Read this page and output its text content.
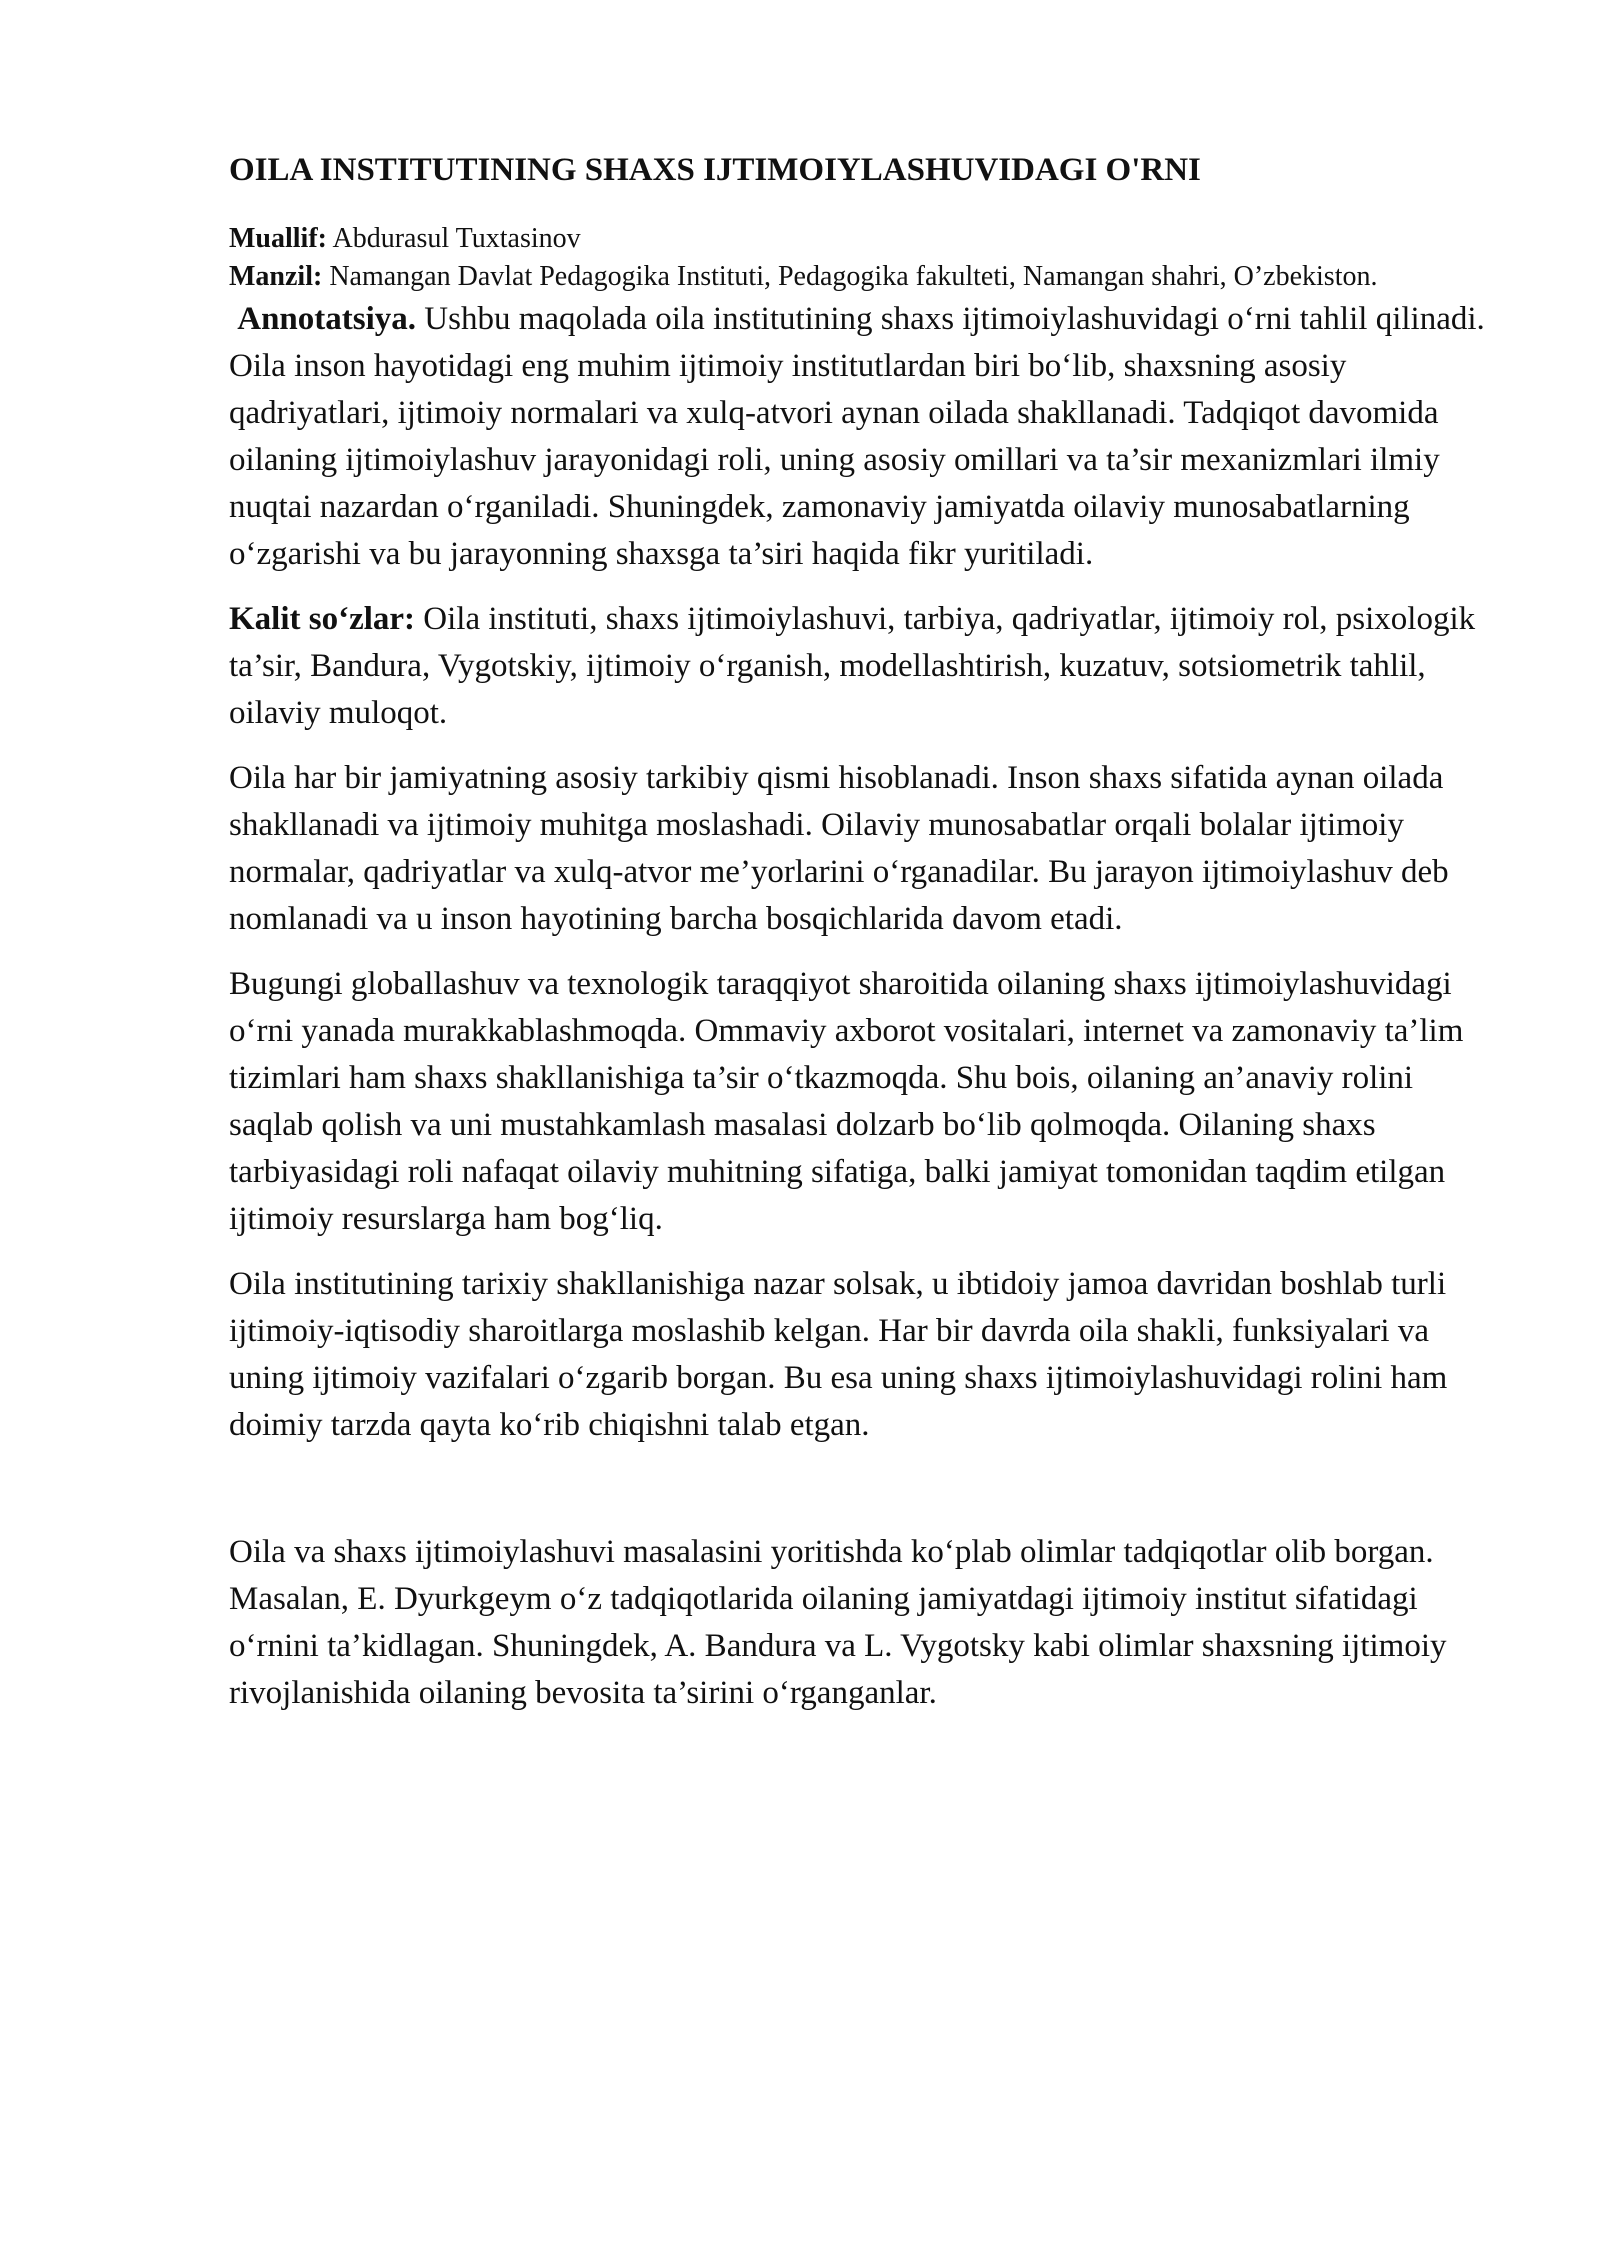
OILA INSTITUTINING SHAXS IJTIMOIYLASHUVIDAGI O'RNI

Muallif: Abdurasul Tuxtasinov

Manzil: Namangan Davlat Pedagogika Instituti, Pedagogika fakulteti, Namangan shahri, O’zbekiston.

Annotatsiya. Ushbu maqolada oila institutining shaxs ijtimoiylashuvidagi o‘rni tahlil qilinadi. Oila inson hayotidagi eng muhim ijtimoiy institutlardan biri bo‘lib, shaxsning asosiy qadriyatlari, ijtimoiy normalari va xulq-atvori aynan oilada shakllanadi. Tadqiqot davomida oilaning ijtimoiylashuv jarayonidagi roli, uning asosiy omillari va ta’sir mexanizmlari ilmiy nuqtai nazardan o‘rganiladi. Shuningdek, zamonaviy jamiyatda oilaviy munosabatlarning o‘zgarishi va bu jarayonning shaxsga ta’siri haqida fikr yuritiladi.

Kalit so‘zlar: Oila instituti, shaxs ijtimoiylashuvi, tarbiya, qadriyatlar, ijtimoiy rol, psixologik ta’sir, Bandura, Vygotskiy, ijtimoiy o‘rganish, modellashtirish, kuzatuv, sotsiometrik tahlil, oilaviy muloqot.

Oila har bir jamiyatning asosiy tarkibiy qismi hisoblanadi. Inson shaxs sifatida aynan oilada shakllanadi va ijtimoiy muhitga moslashadi. Oilaviy munosabatlar orqali bolalar ijtimoiy normalar, qadriyatlar va xulq-atvor me’yorlarini o‘rganadilar. Bu jarayon ijtimoiylashuv deb nomlanadi va u inson hayotining barcha bosqichlarida davom etadi.

Bugungi globallashuv va texnologik taraqqiyot sharoitida oilaning shaxs ijtimoiylashuvidagi o‘rni yanada murakkablashmoqda. Ommaviy axborot vositalari, internet va zamonaviy ta’lim tizimlari ham shaxs shakllanishiga ta’sir o‘tkazmoqda. Shu bois, oilaning an’anaviy rolini saqlab qolish va uni mustahkamlash masalasi dolzarb bo‘lib qolmoqda. Oilaning shaxs tarbiyasidagi roli nafaqat oilaviy muhitning sifatiga, balki jamiyat tomonidan taqdim etilgan ijtimoiy resurslarga ham bog‘liq.

Oila institutining tarixiy shakllanishiga nazar solsak, u ibtidoiy jamoa davridan boshlab turli ijtimoiy-iqtisodiy sharoitlarga moslashib kelgan. Har bir davrda oila shakli, funksiyalari va uning ijtimoiy vazifalari o‘zgarib borgan. Bu esa uning shaxs ijtimoiylashuvidagi rolini ham doimiy tarzda qayta ko‘rib chiqishni talab etgan.

Oila va shaxs ijtimoiylashuvi masalasini yoritishda ko‘plab olimlar tadqiqotlar olib borgan. Masalan, E. Dyurkgeym o‘z tadqiqotlarida oilaning jamiyatdagi ijtimoiy institut sifatidagi o‘rnini ta’kidlagan. Shuningdek, A. Bandura va L. Vygotsky kabi olimlar shaxsning ijtimoiy rivojlanishida oilaning bevosita ta’sirini o‘rganganlar.
